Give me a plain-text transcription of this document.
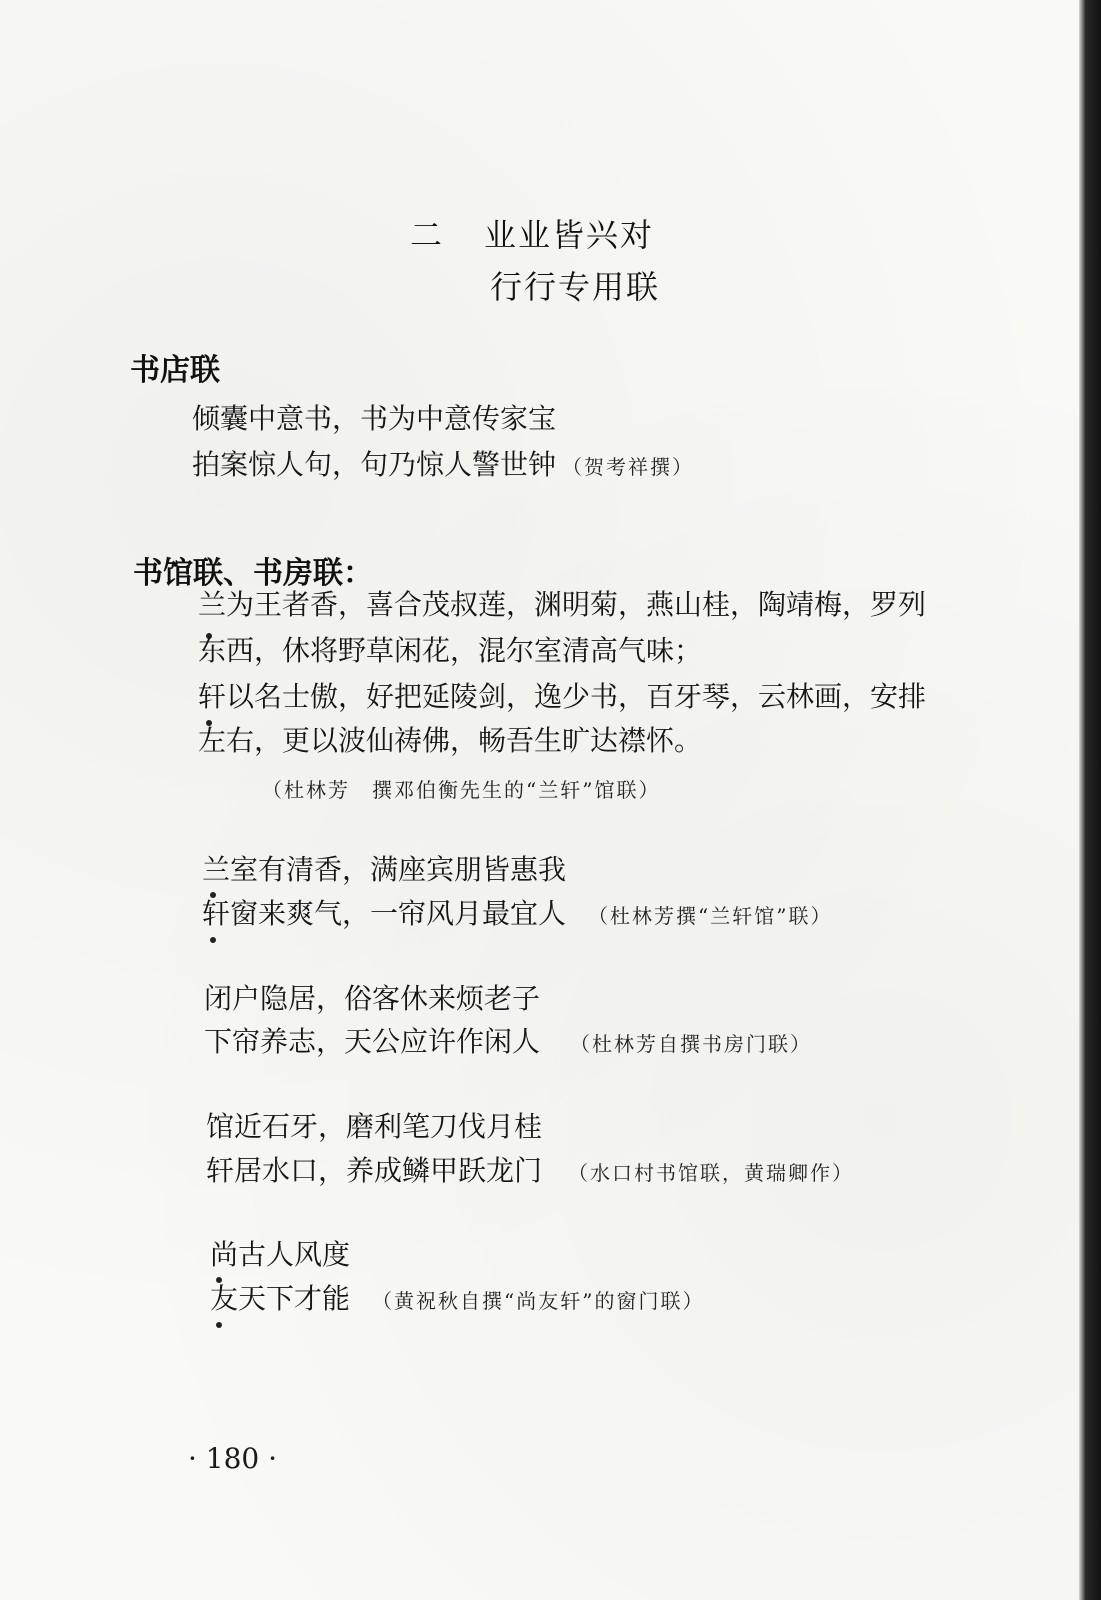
二 业业皆兴对
行行专用联
书店联
倾囊中意书，书为中意传家宝
拍案惊人句，句乃惊人警世钟 （贺考祥撰）
书馆联、书房联：
兰为王者香，喜合茂叔莲，渊明菊，燕山桂，陶靖梅，罗列
东西，休将野草闲花，混尔室清高气味；
轩以名士傲，好把延陵剑，逸少书，百牙琴，云林画，安排
左右，更以波仙祷佛，畅吾生旷达襟怀。
（杜林芳　撰邓伯衡先生的“兰轩”馆联）
兰室有清香，满座宾朋皆惠我
轩窗来爽气，一帘风月最宜人 （杜林芳撰“兰轩馆”联）
闭户隐居，俗客休来烦老子
下帘养志，天公应许作闲人 （杜林芳自撰书房门联）
馆近石牙，磨利笔刀伐月桂
轩居水口，养成鳞甲跃龙门 （水口村书馆联，黄瑞卿作）
尚古人风度
友天下才能 （黄祝秋自撰“尚友轩”的窗门联）
· 180 ·
